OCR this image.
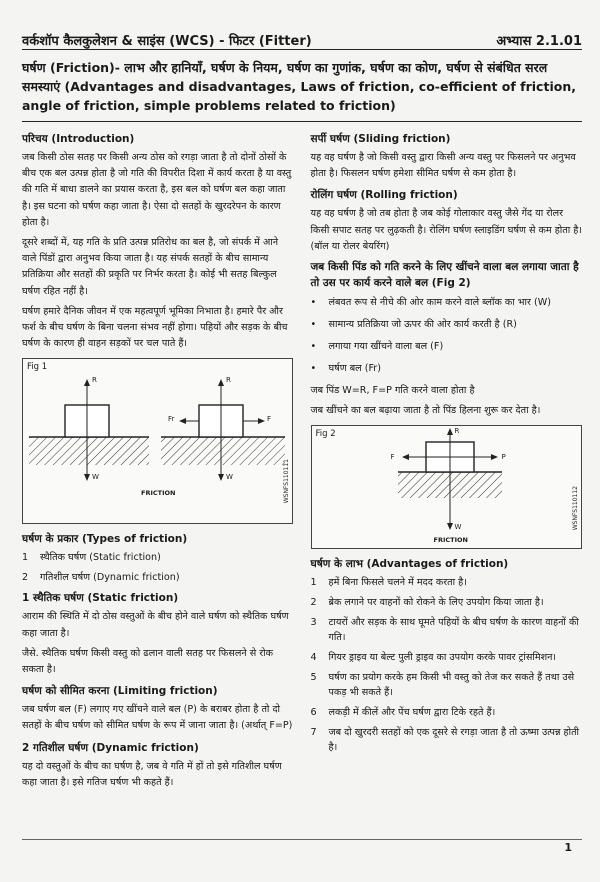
वर्कशॉप कैलकुलेशन & साइंस (WCS) - फिटर (Fitter)	अभ्यास 2.1.01
घर्षण (Friction)- लाभ और हानियाँ, घर्षण के नियम, घर्षण का गुणांक, घर्षण का कोण, घर्षण से संबंधित सरल समस्याएं (Advantages and disadvantages, Laws of friction, co-efficient of friction, angle of friction, simple problems related to friction)
परिचय (Introduction)

जब किसी ठोस सतह पर किसी अन्य ठोस को रगड़ा जाता है तो दोनों ठोसों के बीच एक बल उत्पन्न होता है जो गति की विपरीत दिशा में कार्य करता है या वस्तु की गति में बाधा डालने का प्रयास करता है, इस बल को घर्षण बल कहा जाता है। इस घटना को घर्षण कहा जाता है। ऐसा दो सतहों के खुरदरेपन के कारण होता है।

दूसरे शब्दों में, यह गति के प्रति उत्पन्न प्रतिरोध का बल है, जो संपर्क में आने वाले पिंडों द्वारा अनुभव किया जाता है। यह संपर्क सतहों के बीच सामान्य प्रतिक्रिया और सतहों की प्रकृति पर निर्भर करता है। कोई भी सतह बिल्कुल घर्षण रहित नहीं है।

घर्षण हमारे दैनिक जीवन में एक महत्वपूर्ण भूमिका निभाता है। हमारे पैर और फर्श के बीच घर्षण के बिना चलना संभव नहीं होगा। पहियों और सड़क के बीच घर्षण के कारण ही वाहन सड़कों पर चल पाते हैं।

Fig 1
R
W
R
W
Fr	F
FRICTION	WSNFS110111
घर्षण के प्रकार (Types of friction)
1	स्थैतिक घर्षण (Static friction)
2	गतिशील घर्षण (Dynamic friction)
1 स्थैतिक घर्षण (Static friction)

आराम की स्थिति में दो ठोस वस्तुओं के बीच होने वाले घर्षण को स्थैतिक घर्षण कहा जाता है।

जैसे. स्थैतिक घर्षण किसी वस्तु को ढलान वाली सतह पर फिसलने से रोक सकता है।

घर्षण को सीमित करना (Limiting friction)

जब घर्षण बल (F) लगाए गए खींचने वाले बल (P) के बराबर होता है तो दो सतहों के बीच घर्षण को सीमित घर्षण के रूप में जाना जाता है। (अर्थात् F=P)

2 गतिशील घर्षण (Dynamic friction)

यह दो वस्तुओं के बीच का घर्षण है, जब वे गति में हों तो इसे गतिशील घर्षण कहा जाता है। इसे गतिज घर्षण भी कहते हैं।

सर्पी घर्षण (Sliding friction)

यह वह घर्षण है जो किसी वस्तु द्वारा किसी अन्य वस्तु पर फिसलने पर अनुभव होता है। फिसलन घर्षण हमेशा सीमित घर्षण से कम होता है।

रोलिंग घर्षण (Rolling friction)

यह वह घर्षण है जो तब होता है जब कोई गोलाकार वस्तु जैसे गेंद या रोलर किसी सपाट सतह पर लुढ़कती है। रोलिंग घर्षण स्लाइडिंग घर्षण से कम होता है। (बॉल या रोलर बेयरिंग)

जब किसी पिंड को गति करने के लिए खींचने वाला बल लगाया जाता है तो उस पर कार्य करने वाले बल (Fig 2)
•	लंबवत रूप से नीचे की ओर काम करने वाले ब्लॉक का भार (W)
•	सामान्य प्रतिक्रिया जो ऊपर की ओर कार्य करती है (R)
•	लगाया गया खींचने वाला बल (F)
•	घर्षण बल (Fr)

जब पिंड W=R, F=P गति करने वाला होता है

जब खींचने का बल बढ़ाया जाता है तो पिंड हिलना शुरू कर देता है।

Fig 2	R
W
F	P
FRICTION
WSNFS110112
घर्षण के लाभ (Advantages of friction)
1	हमें बिना फिसले चलने में मदद करता है।
2	ब्रेक लगाने पर वाहनों को रोकने के लिए उपयोग किया जाता है।
3	टायरों और सड़क के साथ घूमते पहियों के बीच घर्षण के कारण वाहनों की गति।
4	गियर ड्राइव या बेल्ट पुली ड्राइव का उपयोग करके पावर ट्रांसमिशन।
5	घर्षण का प्रयोग करके हम किसी भी वस्तु को तेज कर सकते हैं तथा उसे पकड़ भी सकते हैं।
6	लकड़ी में कीलें और पेंच घर्षण द्वारा टिके रहते हैं।
7	जब दो खुरदरी सतहों को एक दूसरे से रगड़ा जाता है तो ऊष्मा उत्पन्न होती है।
1
